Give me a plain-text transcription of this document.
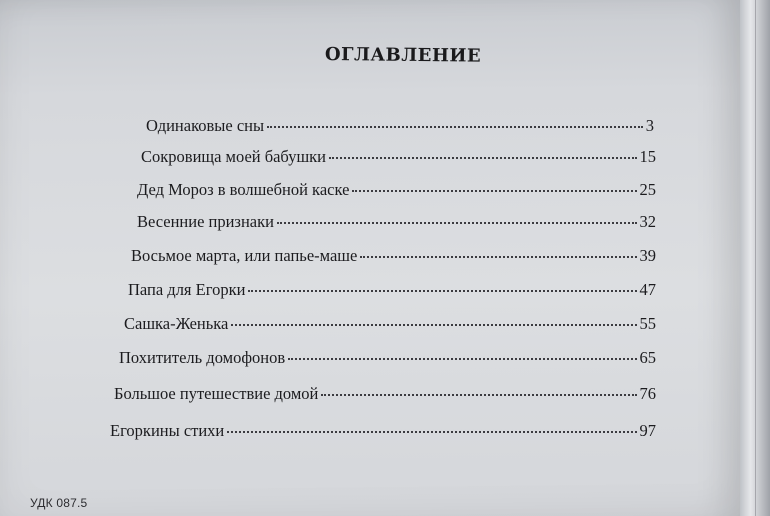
ОГЛАВЛЕНИЕ
Одинаковые сны	3
Сокровища моей бабушки	15
Дед Мороз в волшебной каске	25
Весенние признаки	32
Восьмое марта, или папье-маше	39
Папа для Егорки	47
Сашка-Женька	55
Похититель домофонов	65
Большое путешествие домой	76
Егоркины стихи	97
УДК 087.5
